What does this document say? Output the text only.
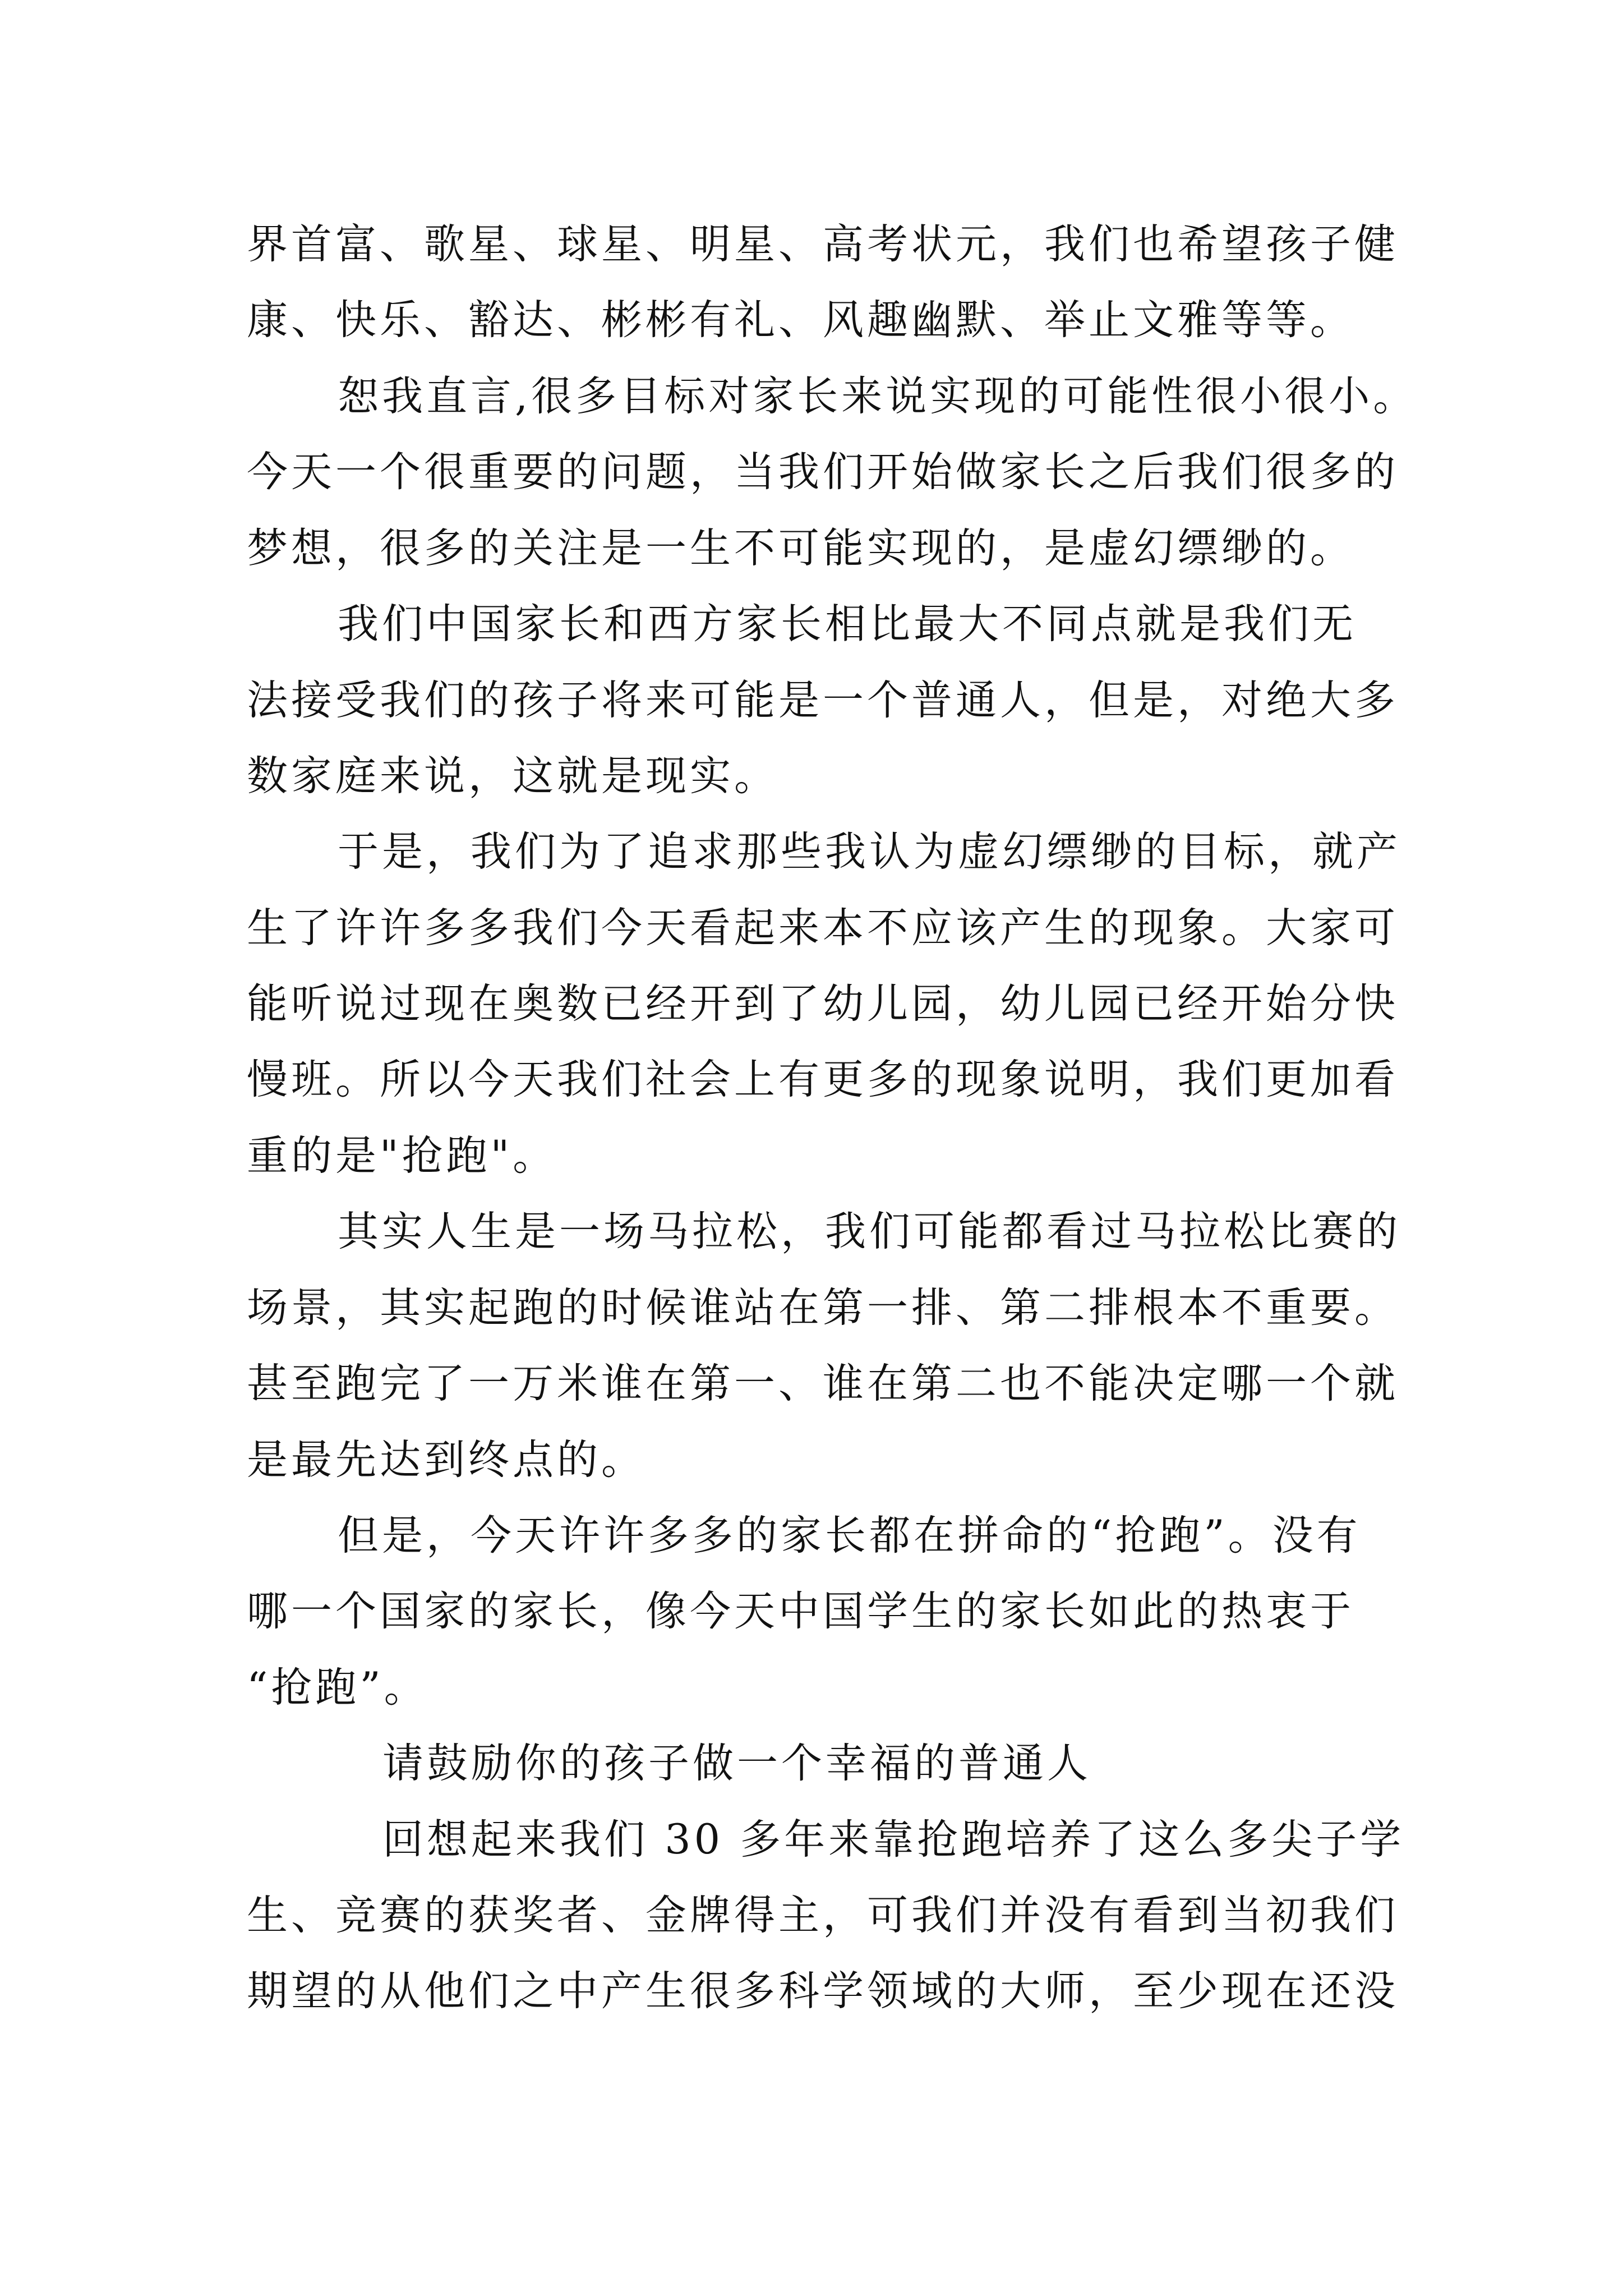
界首富、歌星、球星、明星、高考状元，我们也希望孩子健

康、快乐、豁达、彬彬有礼、风趣幽默、举止文雅等等。

恕我直言,很多目标对家长来说实现的可能性很小很小。

今天一个很重要的问题，当我们开始做家长之后我们很多的

梦想，很多的关注是一生不可能实现的，是虚幻缥缈的。

我们中国家长和西方家长相比最大不同点就是我们无

法接受我们的孩子将来可能是一个普通人，但是，对绝大多

数家庭来说，这就是现实。

于是，我们为了追求那些我认为虚幻缥缈的目标，就产

生了许许多多我们今天看起来本不应该产生的现象。大家可

能听说过现在奥数已经开到了幼儿园，幼儿园已经开始分快

慢班。所以今天我们社会上有更多的现象说明，我们更加看

重的是"抢跑"。

其实人生是一场马拉松，我们可能都看过马拉松比赛的

场景，其实起跑的时候谁站在第一排、第二排根本不重要。

甚至跑完了一万米谁在第一、谁在第二也不能决定哪一个就

是最先达到终点的。

但是，今天许许多多的家长都在拼命的“抢跑”。没有

哪一个国家的家长，像今天中国学生的家长如此的热衷于

“抢跑”。

请鼓励你的孩子做一个幸福的普通人

回想起来我们 30 多年来靠抢跑培养了这么多尖子学

生、竞赛的获奖者、金牌得主，可我们并没有看到当初我们

期望的从他们之中产生很多科学领域的大师，至少现在还没
